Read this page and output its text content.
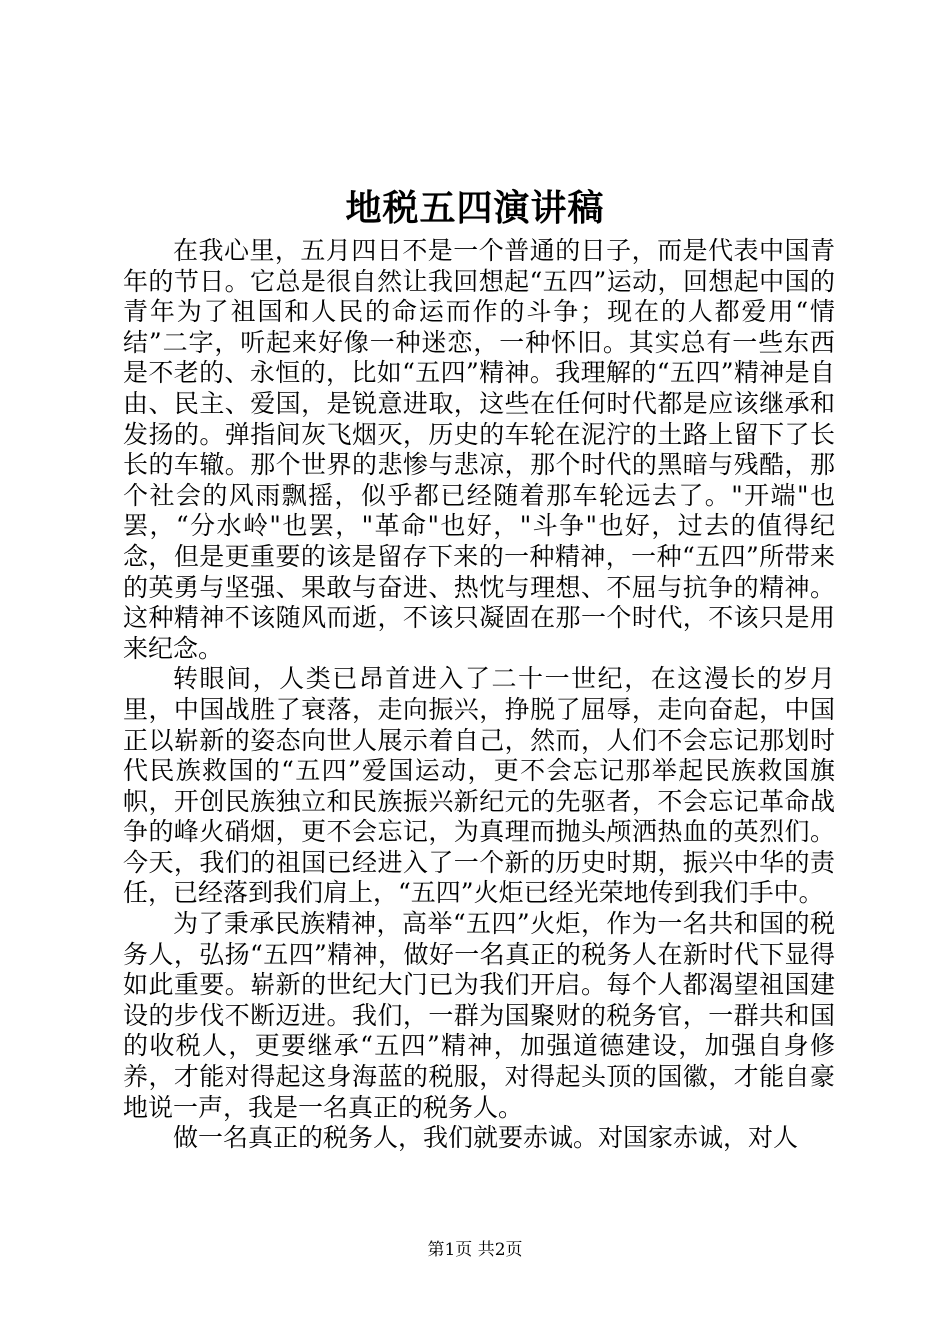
地税五四演讲稿

在我心里，五月四日不是一个普通的日子，而是代表中国青年的节日。它总是很自然让我回想起“五四”运动，回想起中国的青年为了祖国和人民的命运而作的斗争；现在的人都爱用“情结”二字，听起来好像一种迷恋，一种怀旧。其实总有一些东西是不老的、永恒的，比如“五四”精神。我理解的“五四”精神是自由、民主、爱国，是锐意进取，这些在任何时代都是应该继承和发扬的。弹指间灰飞烟灭，历史的车轮在泥泞的土路上留下了长长的车辙。那个世界的悲惨与悲凉，那个时代的黑暗与残酷，那个社会的风雨飘摇，似乎都已经随着那车轮远去了。"开端"也罢，“分水岭"也罢，"革命"也好，"斗争"也好，过去的值得纪念，但是更重要的该是留存下来的一种精神，一种“五四”所带来的英勇与坚强、果敢与奋进、热忱与理想、不屈与抗争的精神。这种精神不该随风而逝，不该只凝固在那一个时代，不该只是用来纪念。

转眼间，人类已昂首进入了二十一世纪，在这漫长的岁月里，中国战胜了衰落，走向振兴，挣脱了屈辱，走向奋起，中国正以崭新的姿态向世人展示着自己，然而，人们不会忘记那划时代民族救国的“五四”爱国运动，更不会忘记那举起民族救国旗帜，开创民族独立和民族振兴新纪元的先驱者，不会忘记革命战争的峰火硝烟，更不会忘记，为真理而抛头颅洒热血的英烈们。今天，我们的祖国已经进入了一个新的历史时期，振兴中华的责任，已经落到我们肩上，“五四”火炬已经光荣地传到我们手中。

为了秉承民族精神，高举“五四”火炬，作为一名共和国的税务人，弘扬“五四”精神，做好一名真正的税务人在新时代下显得如此重要。崭新的世纪大门已为我们开启。每个人都渴望祖国建设的步伐不断迈进。我们，一群为国聚财的税务官，一群共和国的收税人，更要继承“五四”精神，加强道德建设，加强自身修养，才能对得起这身海蓝的税服，对得起头顶的国徽，才能自豪地说一声，我是一名真正的税务人。

做一名真正的税务人，我们就要赤诚。对国家赤诚，对人

第1页 共2页
